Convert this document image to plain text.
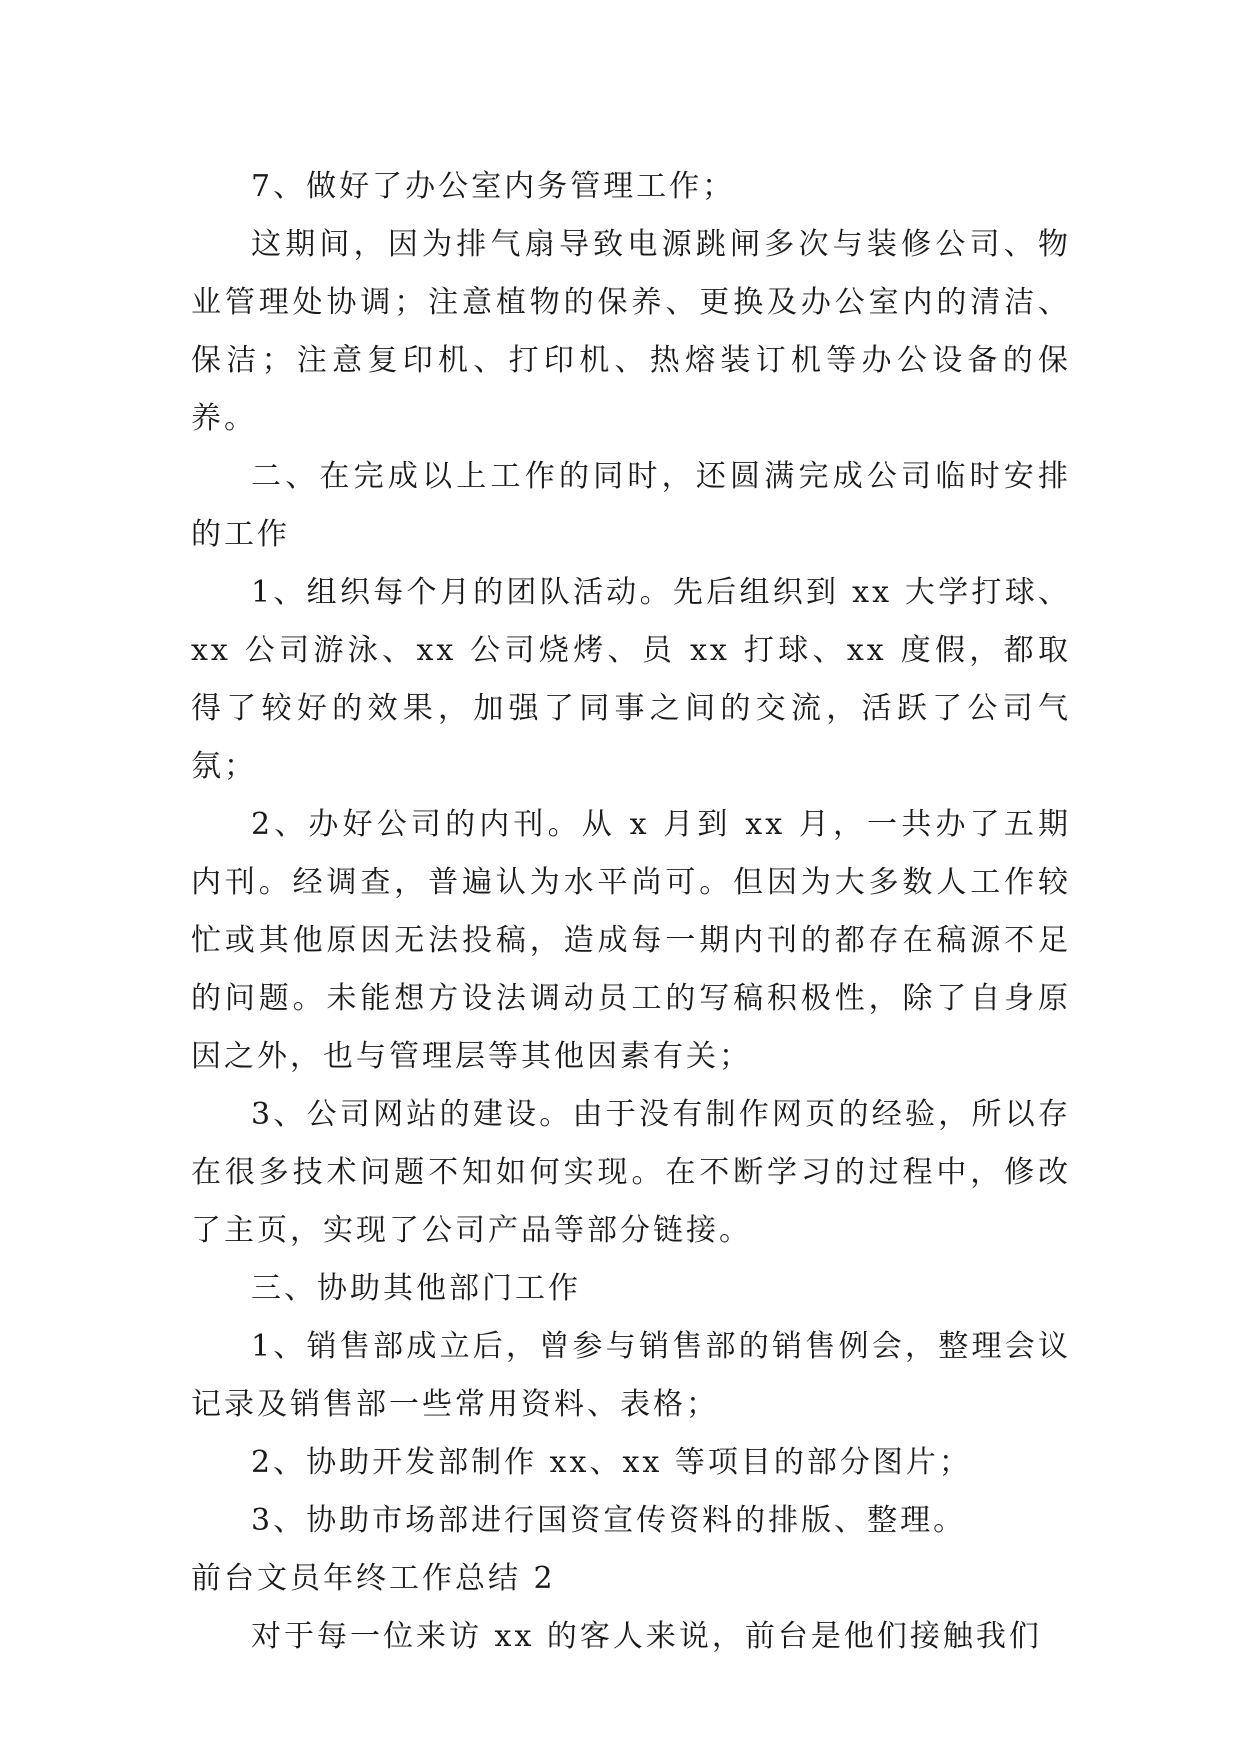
7、做好了办公室内务管理工作；

这期间，因为排气扇导致电源跳闸多次与装修公司、物业管理处协调；注意植物的保养、更换及办公室内的清洁、保洁；注意复印机、打印机、热熔装订机等办公设备的保养。

二、在完成以上工作的同时，还圆满完成公司临时安排的工作

1、组织每个月的团队活动。先后组织到 xx 大学打球、xx 公司游泳、xx 公司烧烤、员 xx 打球、xx 度假，都取得了较好的效果，加强了同事之间的交流，活跃了公司气氛；

2、办好公司的内刊。从 x 月到 xx 月，一共办了五期内刊。经调查，普遍认为水平尚可。但因为大多数人工作较忙或其他原因无法投稿，造成每一期内刊的都存在稿源不足的问题。未能想方设法调动员工的写稿积极性，除了自身原因之外，也与管理层等其他因素有关；

3、公司网站的建设。由于没有制作网页的经验，所以存在很多技术问题不知如何实现。在不断学习的过程中，修改了主页，实现了公司产品等部分链接。

三、协助其他部门工作

1、销售部成立后，曾参与销售部的销售例会，整理会议记录及销售部一些常用资料、表格；

2、协助开发部制作 xx、xx 等项目的部分图片；

3、协助市场部进行国资宣传资料的排版、整理。

前台文员年终工作总结 2

对于每一位来访 xx 的客人来说，前台是他们接触我们
